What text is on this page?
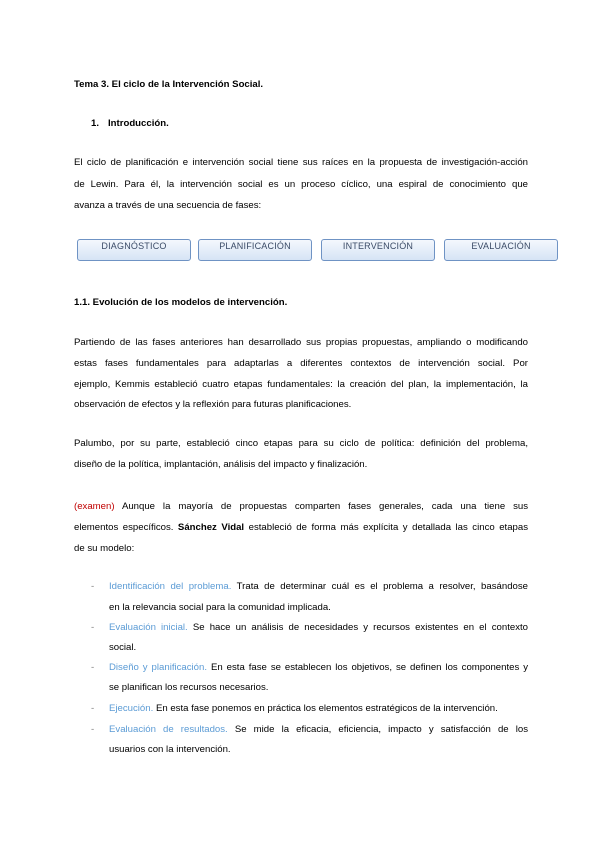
Tema 3. El ciclo de la Intervención Social.
1. Introducción.
El ciclo de planificación e intervención social tiene sus raíces en la propuesta de investigación-acción
de Lewin. Para él, la intervención social es un proceso cíclico, una espiral de conocimiento que
avanza a través de una secuencia de fases:
DIAGNÓSTICO	PLANIFICACIÓN	INTERVENCIÓN	EVALUACIÓN
1.1. Evolución de los modelos de intervención.
Partiendo de las fases anteriores han desarrollado sus propias propuestas, ampliando o modificando
estas fases fundamentales para adaptarlas a diferentes contextos de intervención social. Por
ejemplo, Kemmis estableció cuatro etapas fundamentales: la creación del plan, la implementación, la
observación de efectos y la reflexión para futuras planificaciones.
Palumbo, por su parte, estableció cinco etapas para su ciclo de política: definición del problema,
diseño de la política, implantación, análisis del impacto y finalización.
(examen) Aunque la mayoría de propuestas comparten fases generales, cada una tiene sus
elementos específicos. Sánchez Vidal estableció de forma más explícita y detallada las cinco etapas
de su modelo:
- Identificación del problema. Trata de determinar cuál es el problema a resolver, basándose
en la relevancia social para la comunidad implicada.
- Evaluación inicial. Se hace un análisis de necesidades y recursos existentes en el contexto
social.
- Diseño y planificación. En esta fase se establecen los objetivos, se definen los componentes y
se planifican los recursos necesarios.
- Ejecución. En esta fase ponemos en práctica los elementos estratégicos de la intervención.
- Evaluación de resultados. Se mide la eficacia, eficiencia, impacto y satisfacción de los
usuarios con la intervención.
